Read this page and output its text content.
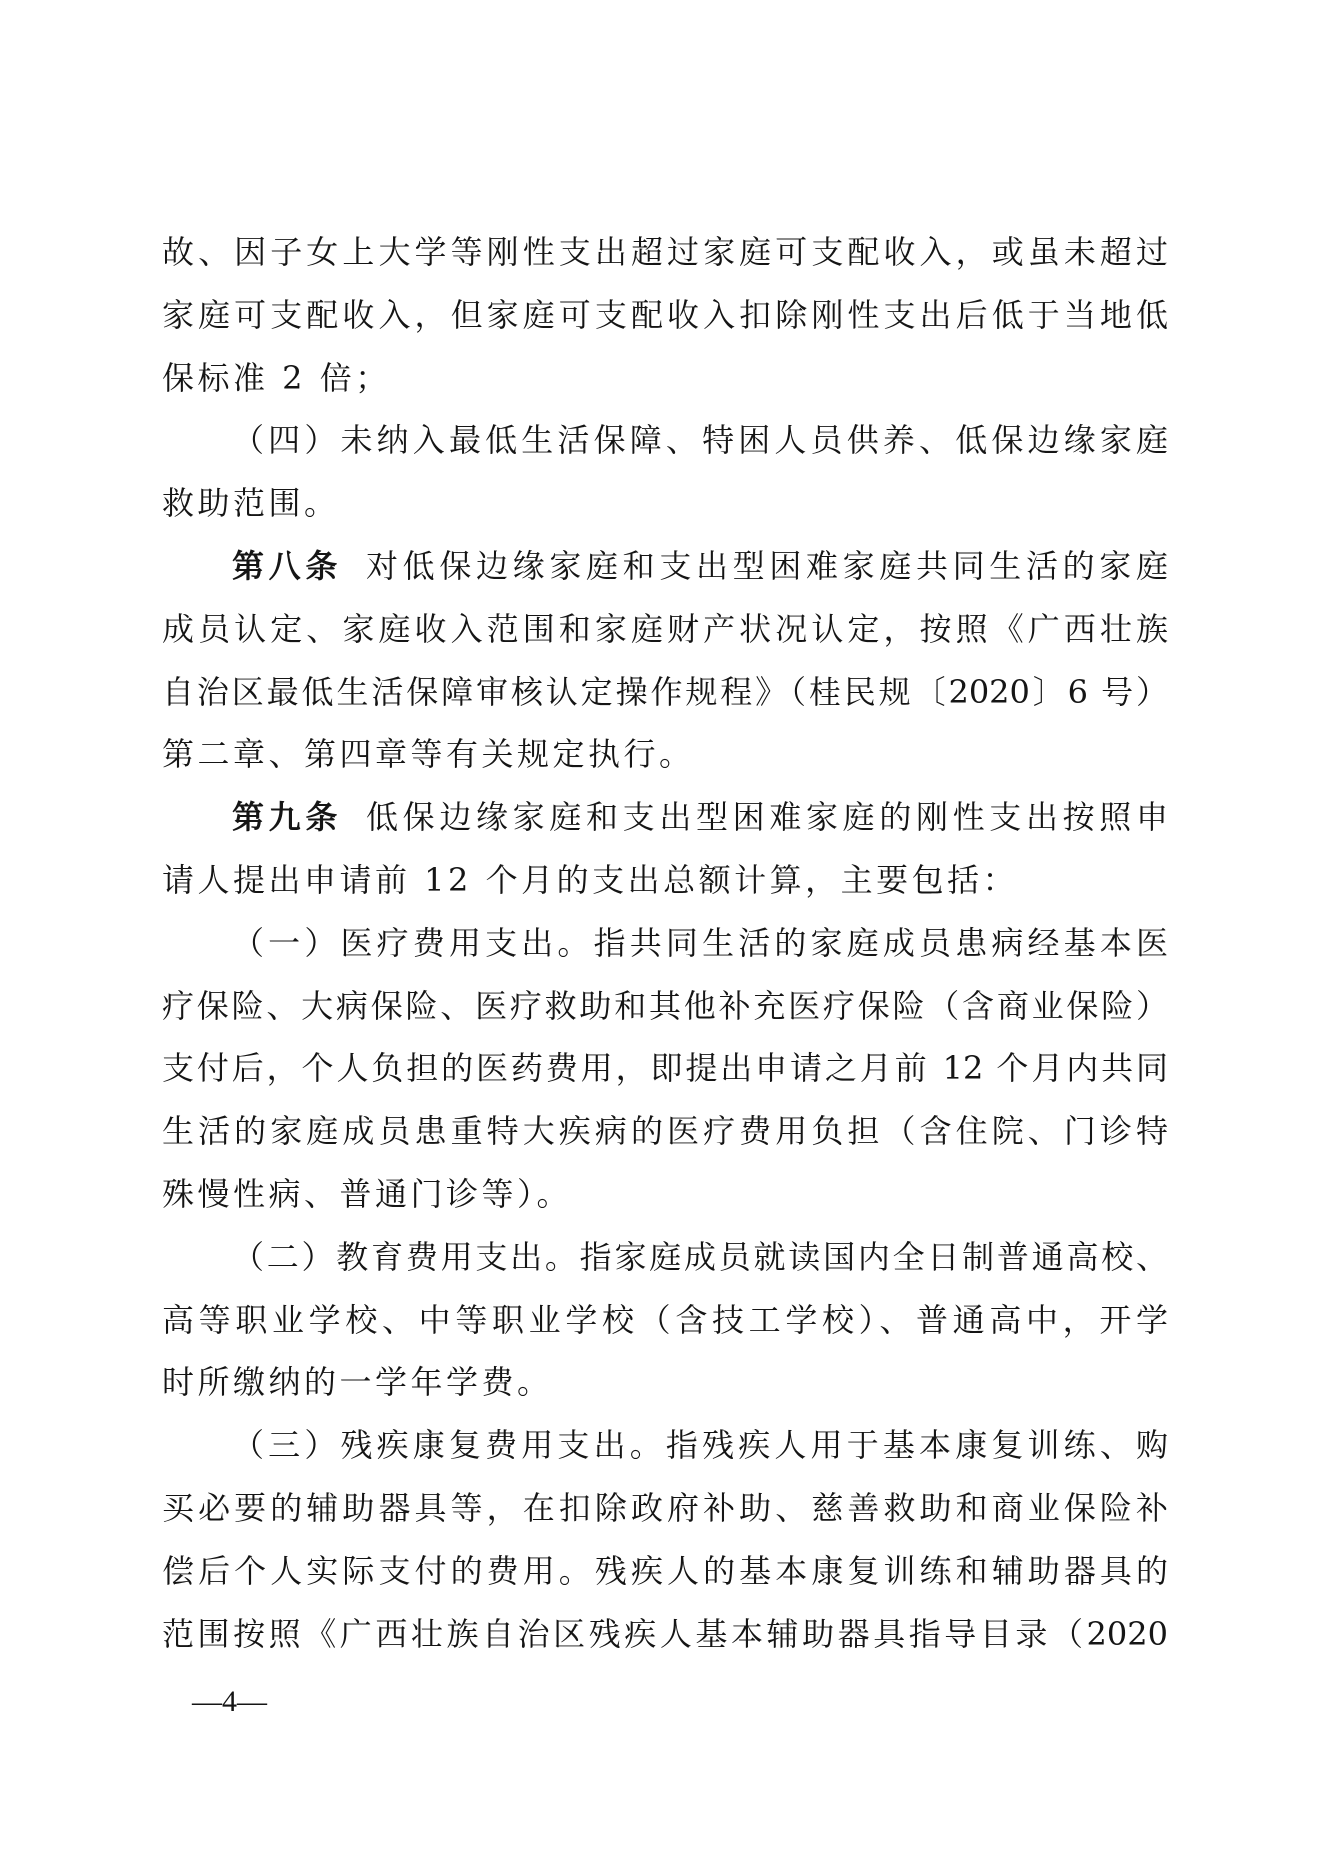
故、因子女上大学等刚性支出超过家庭可支配收入，或虽未超过
家庭可支配收入，但家庭可支配收入扣除刚性支出后低于当地低
保标准 2 倍；
（四）未纳入最低生活保障、特困人员供养、低保边缘家庭
救助范围。
第八条 对低保边缘家庭和支出型困难家庭共同生活的家庭
成员认定、家庭收入范围和家庭财产状况认定，按照《广西壮族
自治区最低生活保障审核认定操作规程》（桂民规〔2020〕6 号）
第二章、第四章等有关规定执行。
第九条 低保边缘家庭和支出型困难家庭的刚性支出按照申
请人提出申请前 12 个月的支出总额计算，主要包括：
（一）医疗费用支出。指共同生活的家庭成员患病经基本医
疗保险、大病保险、医疗救助和其他补充医疗保险（含商业保险）
支付后，个人负担的医药费用，即提出申请之月前 12 个月内共同
生活的家庭成员患重特大疾病的医疗费用负担（含住院、门诊特
殊慢性病、普通门诊等）。
（二）教育费用支出。指家庭成员就读国内全日制普通高校、
高等职业学校、中等职业学校（含技工学校）、普通高中，开学
时所缴纳的一学年学费。
（三）残疾康复费用支出。指残疾人用于基本康复训练、购
买必要的辅助器具等，在扣除政府补助、慈善救助和商业保险补
偿后个人实际支付的费用。残疾人的基本康复训练和辅助器具的
范围按照《广西壮族自治区残疾人基本辅助器具指导目录（2020
—4—
